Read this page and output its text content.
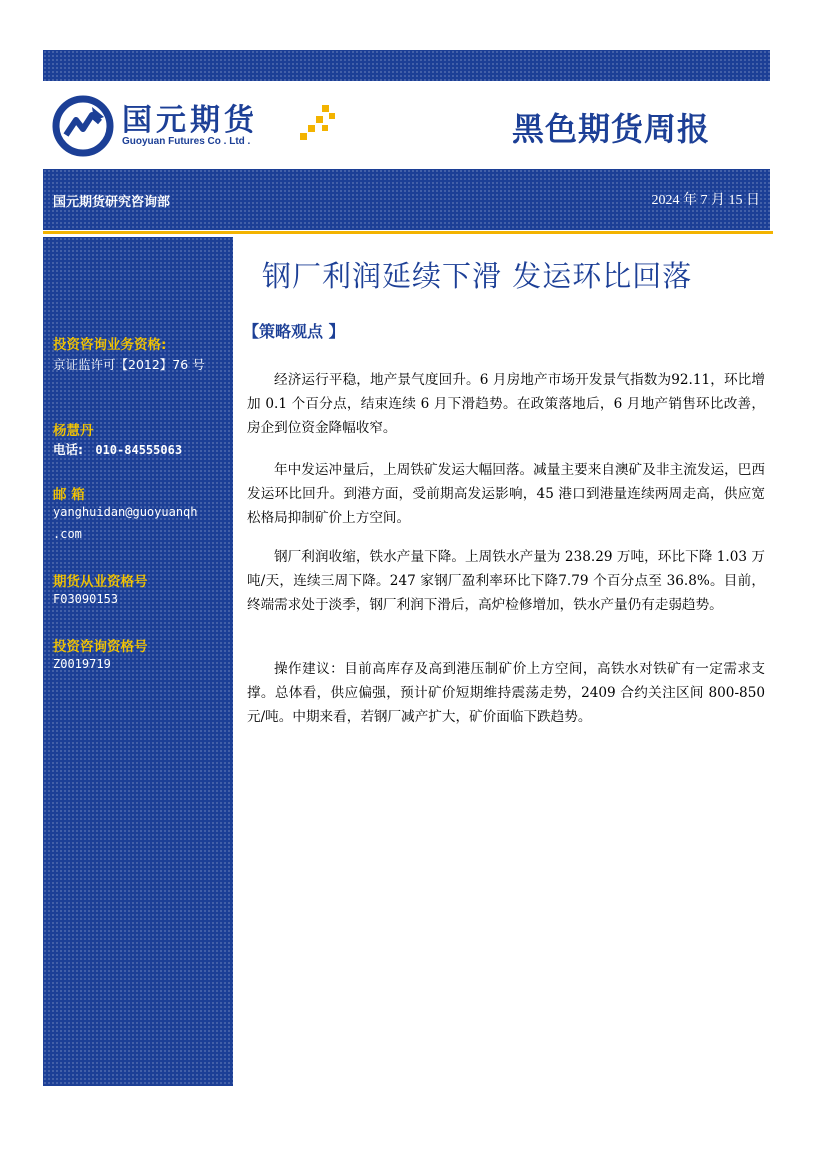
国元期货
Guoyuan Futures Co . Ltd .	黑色期货周报
国元期货研究咨询部	2024 年 7 月 15 日
投资咨询业务资格:
京证监许可【2012】76 号
杨慧丹
电话: 010-84555063
邮 箱
yanghuidan@guoyuanqh
.com
期货从业资格号
F03090153
投资咨询资格号
Z0019719
钢厂利润延续下滑 发运环比回落
【策略观点 】

经济运行平稳，地产景气度回升。6 月房地产市场开发景气指数为92.11，环比增加 0.1 个百分点，结束连续 6 月下滑趋势。在政策落地后，6 月地产销售环比改善，房企到位资金降幅收窄。

年中发运冲量后，上周铁矿发运大幅回落。减量主要来自澳矿及非主流发运，巴西发运环比回升。到港方面，受前期高发运影响，45 港口到港量连续两周走高，供应宽松格局抑制矿价上方空间。

钢厂利润收缩，铁水产量下降。上周铁水产量为 238.29 万吨，环比下降 1.03 万吨/天，连续三周下降。247 家钢厂盈利率环比下降7.79 个百分点至 36.8%。目前，终端需求处于淡季，钢厂利润下滑后，高炉检修增加，铁水产量仍有走弱趋势。

操作建议：目前高库存及高到港压制矿价上方空间，高铁水对铁矿有一定需求支撑。总体看，供应偏强，预计矿价短期维持震荡走势，2409 合约关注区间 800-850 元/吨。中期来看，若钢厂减产扩大，矿价面临下跌趋势。
